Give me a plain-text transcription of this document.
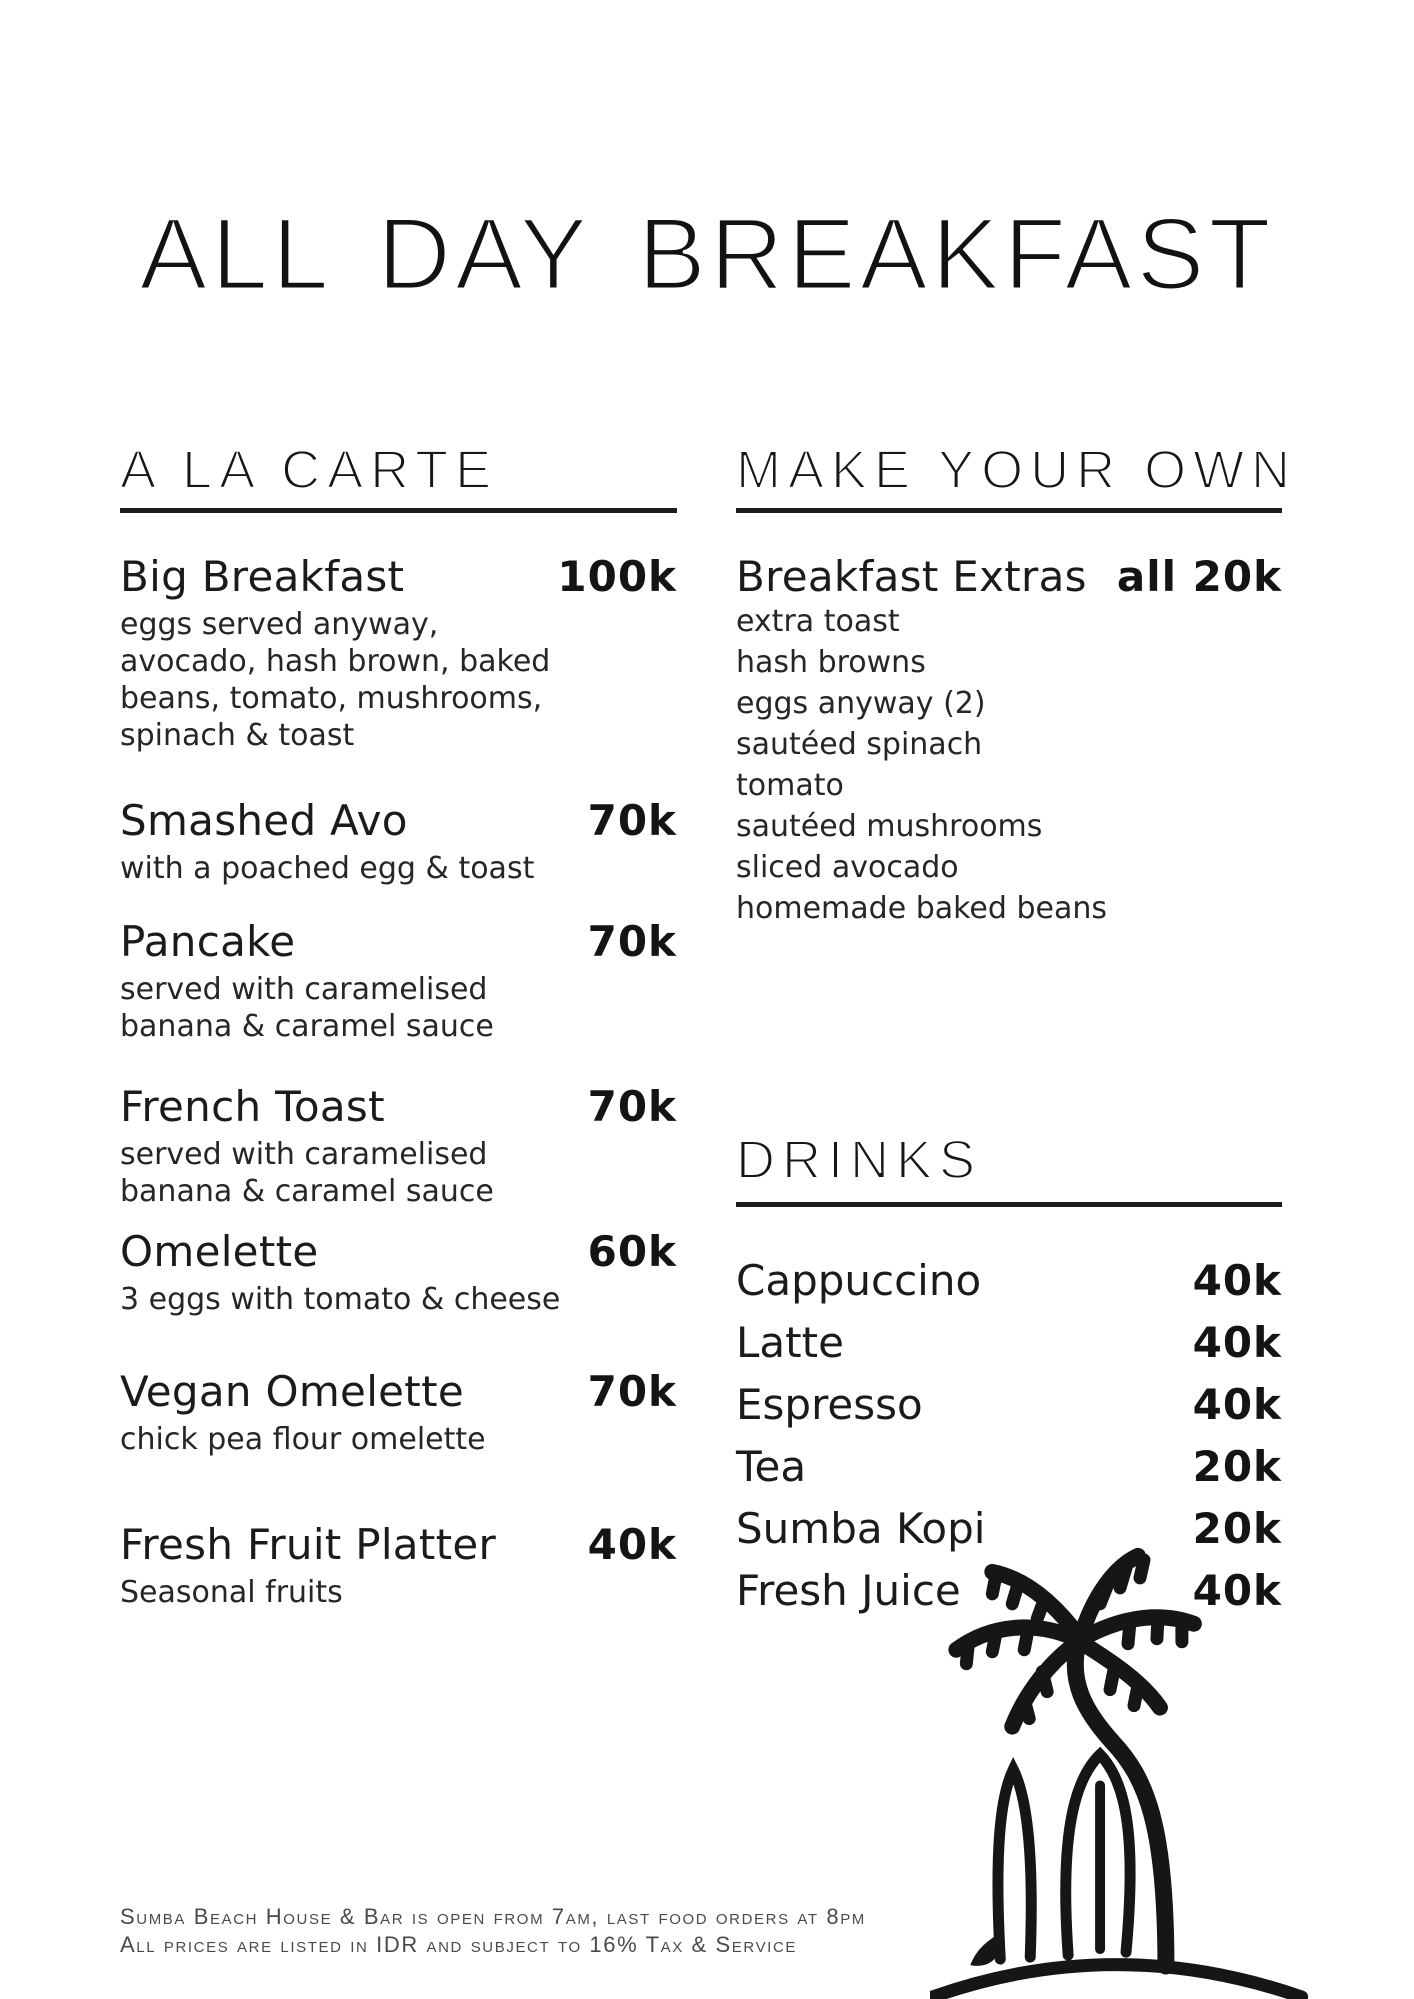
ALL DAY BREAKFAST
A LA CARTE
Big Breakfast	100k
eggs served anyway,
avocado, hash brown, baked
beans, tomato, mushrooms,
spinach & toast
Smashed Avo	70k
with a poached egg & toast
Pancake	70k
served with caramelised
banana & caramel sauce
French Toast	70k
served with caramelised
banana & caramel sauce
Omelette	60k
3 eggs with tomato & cheese
Vegan Omelette	70k
chick pea flour omelette
Fresh Fruit Platter 40k
Seasonal fruits
MAKE YOUR OWN
Breakfast Extras all 20k
extra toast
hash browns
eggs anyway (2)
sautéed spinach
tomato
sautéed mushrooms
sliced avocado
homemade baked beans
DRINKS
Cappuccino	40k
Latte	40k
Espresso	40k
Tea	20k
Sumba Kopi	20k
Fresh Juice	40k
Sumba Beach House & Bar is open from 7am, last food orders at 8pm
All prices are listed in IDR and subject to 16% Tax & Service
